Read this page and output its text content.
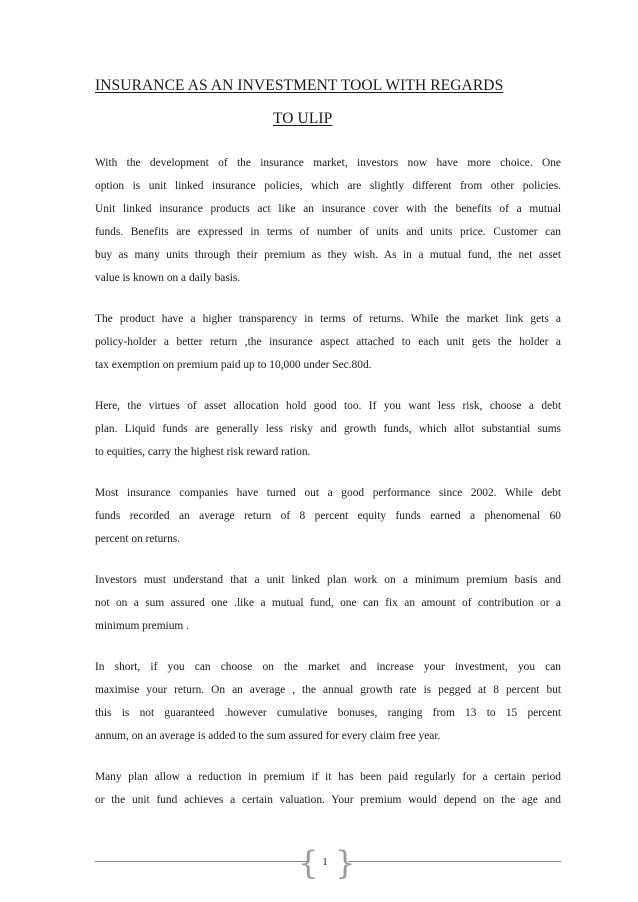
INSURANCE AS AN INVESTMENT TOOL WITH REGARDS
TO ULIP
With the development of the insurance market, investors now have more choice. One
option is unit linked insurance policies, which are slightly different from other policies.
Unit linked insurance products act like an insurance cover with the benefits of a mutual
funds. Benefits are expressed in terms of number of units and units price. Customer can
buy as many units through their premium as they wish. As in a mutual fund, the net asset
value is known on a daily basis.
The product have a higher transparency in terms of returns. While the market link gets a
policy-holder a better return ,the insurance aspect attached to each unit gets the holder a
tax exemption on premium paid up to 10,000 under Sec.80d.
Here, the virtues of asset allocation hold good too. If you want less risk, choose a debt
plan. Liquid funds are generally less risky and growth funds, which allot substantial sums
to equities, carry the highest risk reward ration.
Most insurance companies have turned out a good performance since 2002. While debt
funds recorded an average return of 8 percent equity funds earned a phenomenal 60
percent on returns.
Investors must understand that a unit linked plan work on a minimum premium basis and
not on a sum assured one .like a mutual fund, one can fix an amount of contribution or a
minimum premium .
In short, if you can choose on the market and increase your investment, you can
maximise your return. On an average , the annual growth rate is pegged at 8 percent but
this is not guaranteed .however cumulative bonuses, ranging from 13 to 15 percent
annum, on an average is added to the sum assured for every claim free year.
Many plan allow a reduction in premium if it has been paid regularly for a certain period
or the unit fund achieves a certain valuation. Your premium would depend on the age and
{ 1 }
